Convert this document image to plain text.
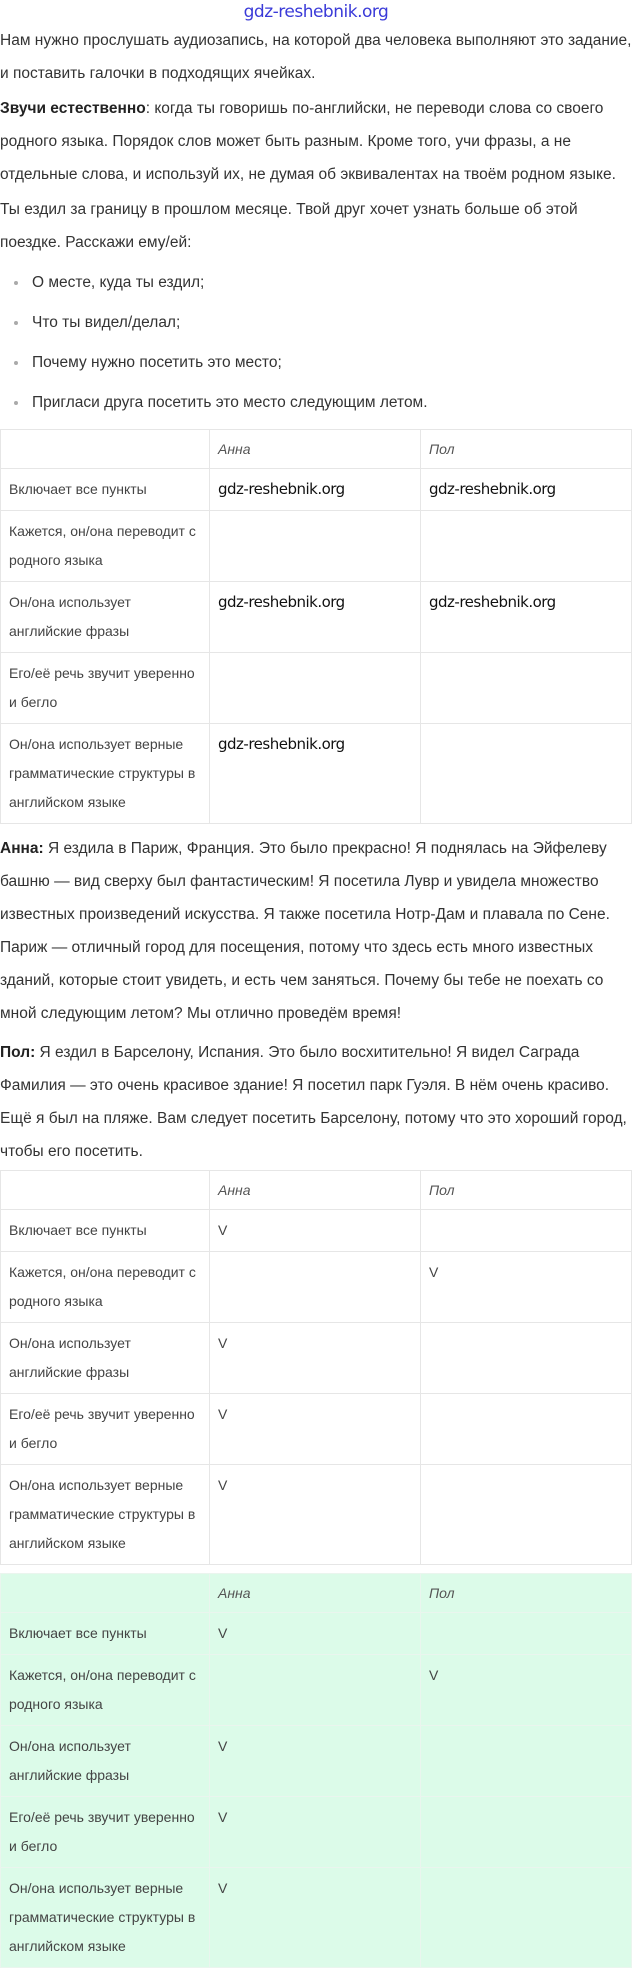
gdz-reshebnik.org

Нам нужно прослушать аудиозапись, на которой два человека выполняют это задание, и поставить галочки в подходящих ячейках.

Звучи естественно: когда ты говоришь по-английски, не переводи слова со своего родного языка. Порядок слов может быть разным. Кроме того, учи фразы, а не отдельные слова, и используй их, не думая об эквивалентах на твоём родном языке.

Ты ездил за границу в прошлом месяце. Твой друг хочет узнать больше об этой поездке. Расскажи ему/ей:

О месте, куда ты ездил;
Что ты видел/делал;
Почему нужно посетить это место;
Пригласи друга посетить это место следующим летом.
	Анна	Пол
Включает все пункты	gdz-reshebnik.org	gdz-reshebnik.org

Кажется, он/она переводит с родного языка		
Он/она использует английские фразы	gdz-reshebnik.org	gdz-reshebnik.org

Его/её речь звучит уверенно и бегло		
Он/она использует верные грамматические структуры в английском языке	gdz-reshebnik.org	

Анна: Я ездила в Париж, Франция. Это было прекрасно! Я поднялась на Эйфелеву башню — вид сверху был фантастическим! Я посетила Лувр и увидела множество известных произведений искусства. Я также посетила Нотр-Дам и плавала по Сене. Париж — отличный город для посещения, потому что здесь есть много известных зданий, которые стоит увидеть, и есть чем заняться. Почему бы тебе не поехать со мной следующим летом? Мы отлично проведём время!

Пол: Я ездил в Барселону, Испания. Это было восхитительно! Я видел Саграда Фамилия — это очень красивое здание! Я посетил парк Гуэля. В нём очень красиво. Ещё я был на пляже. Вам следует посетить Барселону, потому что это хороший город, чтобы его посетить.

	Анна	Пол
Включает все пункты	V	
Кажется, он/она переводит с родного языка		V
Он/она использует английские фразы	V	
Его/её речь звучит уверенно и бегло	V	
Он/она использует верные грамматические структуры в английском языке	V	
	Анна	Пол
Включает все пункты	V	
Кажется, он/она переводит с родного языка		V
Он/она использует английские фразы	V	
Его/её речь звучит уверенно и бегло	V	
Он/она использует верные грамматические структуры в английском языке	V	
